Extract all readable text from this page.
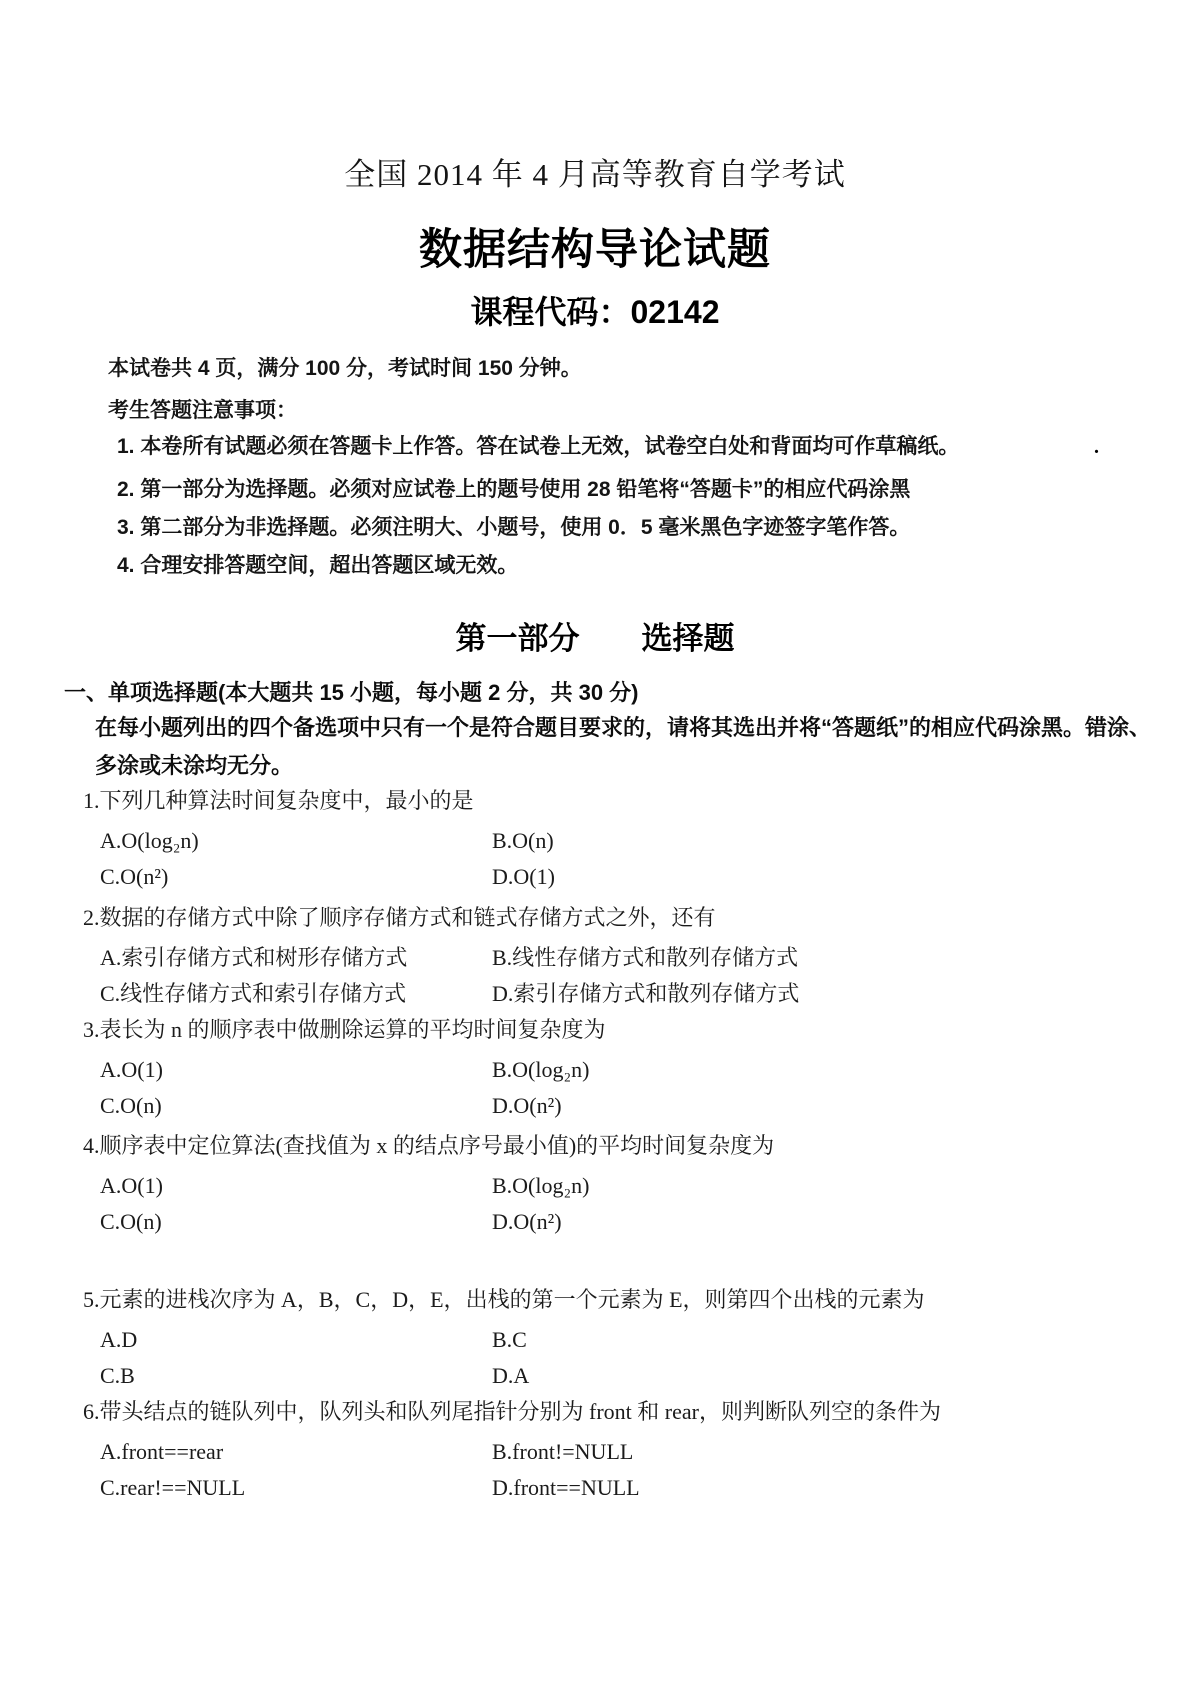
全国 2014 年 4 月高等教育自学考试
数据结构导论试题
课程代码：02142
本试卷共 4 页，满分 100 分，考试时间 150 分钟。
考生答题注意事项：
1. 本卷所有试题必须在答题卡上作答。答在试卷上无效，试卷空白处和背面均可作草稿纸。
2. 第一部分为选择题。必须对应试卷上的题号使用 28 铅笔将“答题卡”的相应代码涂黑
3. 第二部分为非选择题。必须注明大、小题号，使用 0．5 毫米黑色字迹签字笔作答。
4. 合理安排答题空间，超出答题区域无效。
.
第一部分　　选择题
一、单项选择题(本大题共 15 小题，每小题 2 分，共 30 分)
在每小题列出的四个备选项中只有一个是符合题目要求的，请将其选出并将“答题纸”的相应代码涂黑。错涂、
多涂或未涂均无分。
1.下列几种算法时间复杂度中，最小的是
A.O(log₂n)	B.O(n)
C.O(n²)	D.O(1)
2.数据的存储方式中除了顺序存储方式和链式存储方式之外，还有
A.索引存储方式和树形存储方式	B.线性存储方式和散列存储方式
C.线性存储方式和索引存储方式	D.索引存储方式和散列存储方式
3.表长为 n 的顺序表中做删除运算的平均时间复杂度为
A.O(1)	B.O(log₂n)
C.O(n)	D.O(n²)
4.顺序表中定位算法(查找值为 x 的结点序号最小值)的平均时间复杂度为
A.O(1)	B.O(log₂n)
C.O(n)	D.O(n²)
5.元素的进栈次序为 A，B，C，D，E，出栈的第一个元素为 E，则第四个出栈的元素为
A.D	B.C
C.B	D.A
6.带头结点的链队列中，队列头和队列尾指针分别为 front 和 rear，则判断队列空的条件为
A.front==rear	B.front!=NULL
C.rear!==NULL	D.front==NULL
